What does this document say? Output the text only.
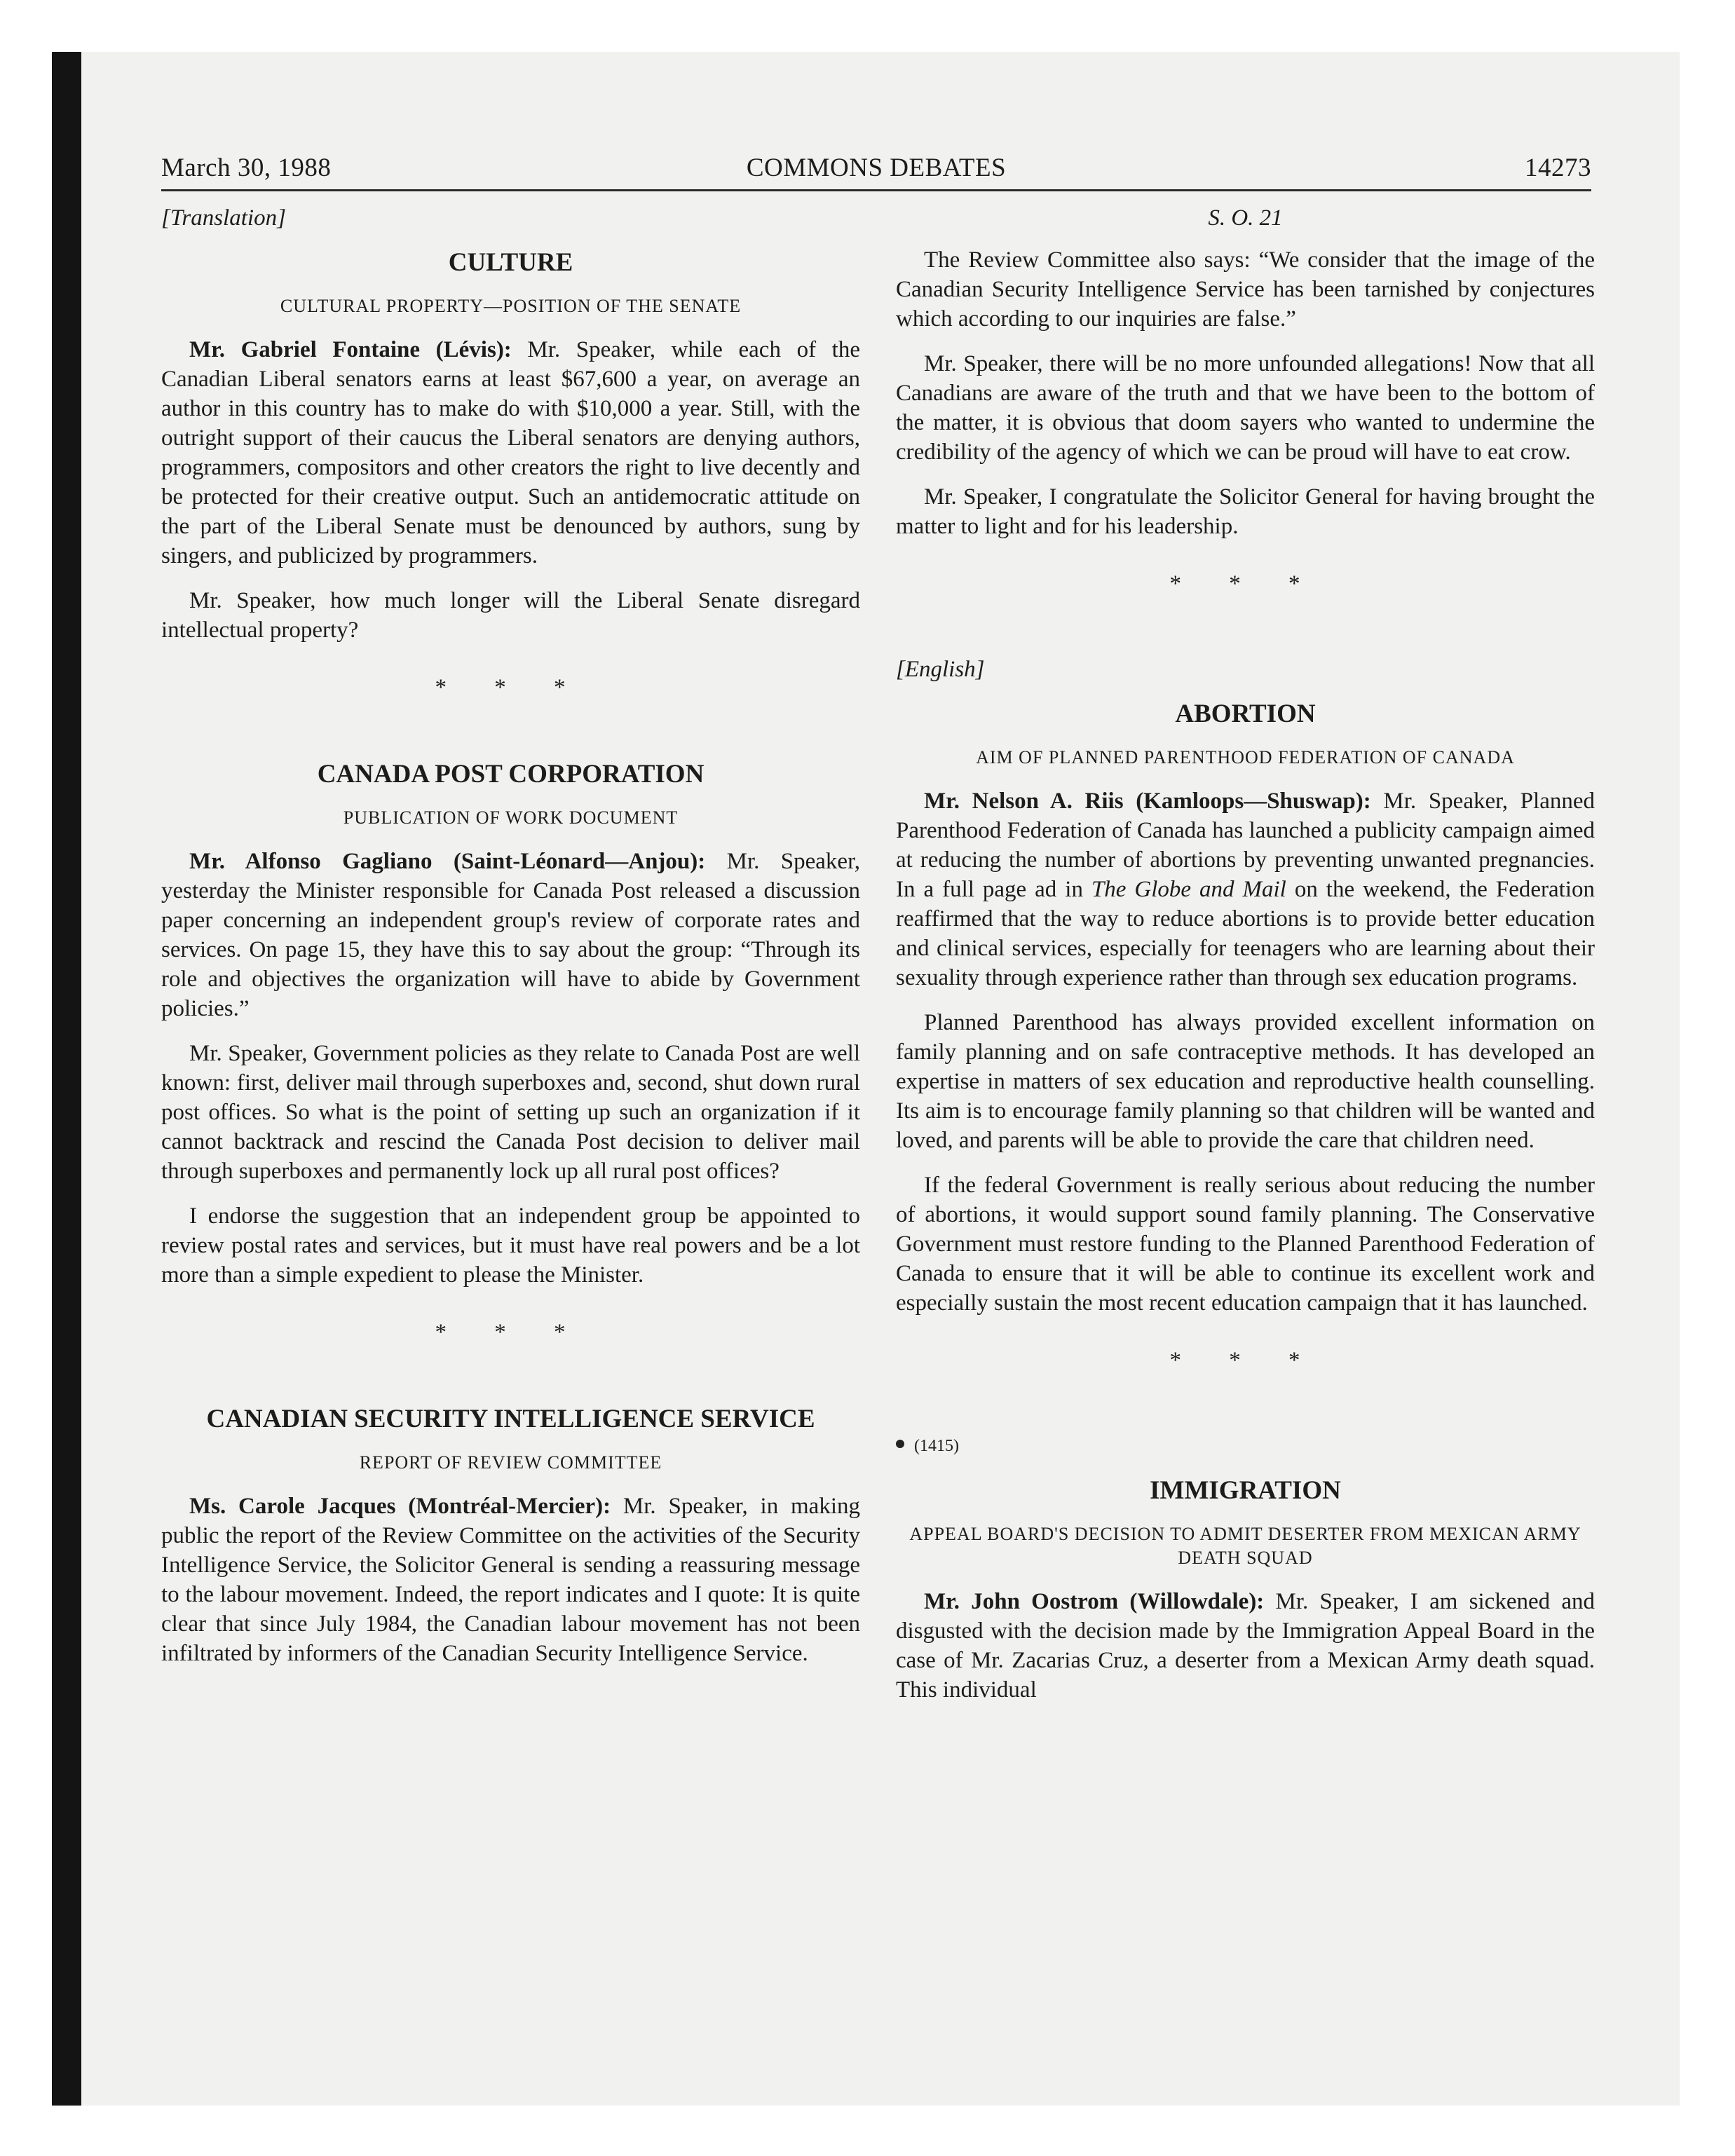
March 30, 1988	COMMONS DEBATES	14273
[Translation]
CULTURE
CULTURAL PROPERTY—POSITION OF THE SENATE

Mr. Gabriel Fontaine (Lévis): Mr. Speaker, while each of the Canadian Liberal senators earns at least $67,600 a year, on average an author in this country has to make do with $10,000 a year. Still, with the outright support of their caucus the Liberal senators are denying authors, programmers, compositors and other creators the right to live decently and be protected for their creative output. Such an antidemocratic attitude on the part of the Liberal Senate must be denounced by authors, sung by singers, and publicized by programmers.

Mr. Speaker, how much longer will the Liberal Senate disregard intellectual property?

* * *
CANADA POST CORPORATION
PUBLICATION OF WORK DOCUMENT

Mr. Alfonso Gagliano (Saint-Léonard—Anjou): Mr. Speaker, yesterday the Minister responsible for Canada Post released a discussion paper concerning an independent group's review of corporate rates and services. On page 15, they have this to say about the group: “Through its role and objectives the organization will have to abide by Government policies.”

Mr. Speaker, Government policies as they relate to Canada Post are well known: first, deliver mail through superboxes and, second, shut down rural post offices. So what is the point of setting up such an organization if it cannot backtrack and rescind the Canada Post decision to deliver mail through superboxes and permanently lock up all rural post offices?

I endorse the suggestion that an independent group be appointed to review postal rates and services, but it must have real powers and be a lot more than a simple expedient to please the Minister.

* * *
CANADIAN SECURITY INTELLIGENCE SERVICE
REPORT OF REVIEW COMMITTEE

Ms. Carole Jacques (Montréal-Mercier): Mr. Speaker, in making public the report of the Review Committee on the activities of the Security Intelligence Service, the Solicitor General is sending a reassuring message to the labour movement. Indeed, the report indicates and I quote: It is quite clear that since July 1984, the Canadian labour movement has not been infiltrated by informers of the Canadian Security Intelligence Service.

S. O. 21

The Review Committee also says: “We consider that the image of the Canadian Security Intelligence Service has been tarnished by conjectures which according to our inquiries are false.”

Mr. Speaker, there will be no more unfounded allegations! Now that all Canadians are aware of the truth and that we have been to the bottom of the matter, it is obvious that doom sayers who wanted to undermine the credibility of the agency of which we can be proud will have to eat crow.

Mr. Speaker, I congratulate the Solicitor General for having brought the matter to light and for his leadership.

* * *
[English]
ABORTION
AIM OF PLANNED PARENTHOOD FEDERATION OF CANADA

Mr. Nelson A. Riis (Kamloops—Shuswap): Mr. Speaker, Planned Parenthood Federation of Canada has launched a publicity campaign aimed at reducing the number of abortions by preventing unwanted pregnancies. In a full page ad in The Globe and Mail on the weekend, the Federation reaffirmed that the way to reduce abortions is to provide better education and clinical services, especially for teenagers who are learning about their sexuality through experience rather than through sex education programs.

Planned Parenthood has always provided excellent information on family planning and on safe contraceptive methods. It has developed an expertise in matters of sex education and reproductive health counselling. Its aim is to encourage family planning so that children will be wanted and loved, and parents will be able to provide the care that children need.

If the federal Government is really serious about reducing the number of abortions, it would support sound family planning. The Conservative Government must restore funding to the Planned Parenthood Federation of Canada to ensure that it will be able to continue its excellent work and especially sustain the most recent education campaign that it has launched.

* * *
(1415)
IMMIGRATION
APPEAL BOARD'S DECISION TO ADMIT DESERTER FROM MEXICAN ARMY DEATH SQUAD

Mr. John Oostrom (Willowdale): Mr. Speaker, I am sickened and disgusted with the decision made by the Immigration Appeal Board in the case of Mr. Zacarias Cruz, a deserter from a Mexican Army death squad. This individual
